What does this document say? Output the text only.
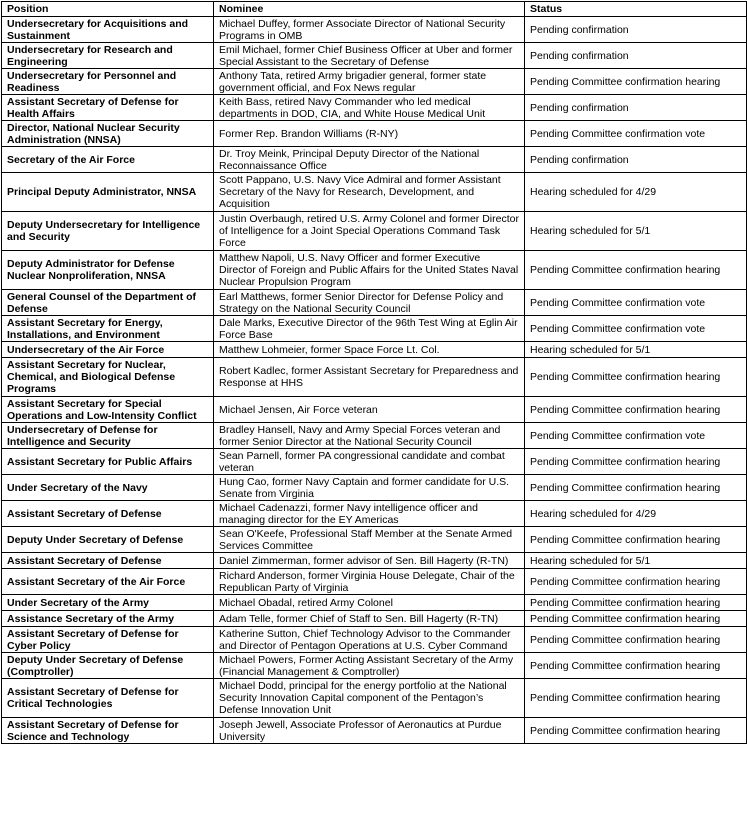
Position	Nominee	Status
Undersecretary for Acquisitions and Sustainment	Michael Duffey, former Associate Director of National Security Programs in OMB	Pending confirmation
Undersecretary for Research and Engineering	Emil Michael, former Chief Business Officer at Uber and former Special Assistant to the Secretary of Defense	Pending confirmation
Undersecretary for Personnel and Readiness	Anthony Tata, retired Army brigadier general, former state government official, and Fox News regular	Pending Committee confirmation hearing
Assistant Secretary of Defense for Health Affairs	Keith Bass, retired Navy Commander who led medical departments in DOD, CIA, and White House Medical Unit	Pending confirmation
Director, National Nuclear Security Administration (NNSA)	Former Rep. Brandon Williams (R-NY)	Pending Committee confirmation vote
Secretary of the Air Force	Dr. Troy Meink, Principal Deputy Director of the National Reconnaissance Office	Pending confirmation
Principal Deputy Administrator, NNSA	Scott Pappano, U.S. Navy Vice Admiral and former Assistant Secretary of the Navy for Research, Development, and Acquisition	Hearing scheduled for 4/29
Deputy Undersecretary for Intelligence and Security	Justin Overbaugh, retired U.S. Army Colonel and former Director of Intelligence for a Joint Special Operations Command Task Force	Hearing scheduled for 5/1
Deputy Administrator for Defense Nuclear Nonproliferation, NNSA	Matthew Napoli, U.S. Navy Officer and former Executive Director of Foreign and Public Affairs for the United States Naval Nuclear Propulsion Program	Pending Committee confirmation hearing
General Counsel of the Department of Defense	Earl Matthews, former Senior Director for Defense Policy and Strategy on the National Security Council	Pending Committee confirmation vote
Assistant Secretary for Energy, Installations, and Environment	Dale Marks, Executive Director of the 96th Test Wing at Eglin Air Force Base	Pending Committee confirmation vote
Undersecretary of the Air Force	Matthew Lohmeier, former Space Force Lt. Col.	Hearing scheduled for 5/1
Assistant Secretary for Nuclear, Chemical, and Biological Defense Programs	Robert Kadlec, former Assistant Secretary for Preparedness and Response at HHS	Pending Committee confirmation hearing
Assistant Secretary for Special Operations and Low-Intensity Conflict	Michael Jensen, Air Force veteran	Pending Committee confirmation hearing
Undersecretary of Defense for Intelligence and Security	Bradley Hansell, Navy and Army Special Forces veteran and former Senior Director at the National Security Council	Pending Committee confirmation vote
Assistant Secretary for Public Affairs	Sean Parnell, former PA congressional candidate and combat veteran	Pending Committee confirmation hearing
Under Secretary of the Navy	Hung Cao, former Navy Captain and former candidate for U.S. Senate from Virginia	Pending Committee confirmation hearing
Assistant Secretary of Defense	Michael Cadenazzi, former Navy intelligence officer and managing director for the EY Americas	Hearing scheduled for 4/29
Deputy Under Secretary of Defense	Sean O'Keefe, Professional Staff Member at the Senate Armed Services Committee	Pending Committee confirmation hearing
Assistant Secretary of Defense	Daniel Zimmerman, former advisor of Sen. Bill Hagerty (R-TN)	Hearing scheduled for 5/1
Assistant Secretary of the Air Force	Richard Anderson, former Virginia House Delegate, Chair of the Republican Party of Virginia	Pending Committee confirmation hearing
Under Secretary of the Army	Michael Obadal, retired Army Colonel	Pending Committee confirmation hearing
Assistance Secretary of the Army	Adam Telle, former Chief of Staff to Sen. Bill Hagerty (R-TN)	Pending Committee confirmation hearing
Assistant Secretary of Defense for Cyber Policy	Katherine Sutton, Chief Technology Advisor to the Commander and Director of Pentagon Operations at U.S. Cyber Command	Pending Committee confirmation hearing
Deputy Under Secretary of Defense (Comptroller)	Michael Powers, Former Acting Assistant Secretary of the Army (Financial Management & Comptroller)	Pending Committee confirmation hearing
Assistant Secretary of Defense for Critical Technologies	Michael Dodd, principal for the energy portfolio at the National Security Innovation Capital component of the Pentagon’s Defense Innovation Unit	Pending Committee confirmation hearing
Assistant Secretary of Defense for Science and Technology	Joseph Jewell, Associate Professor of Aeronautics at Purdue University	Pending Committee confirmation hearing
